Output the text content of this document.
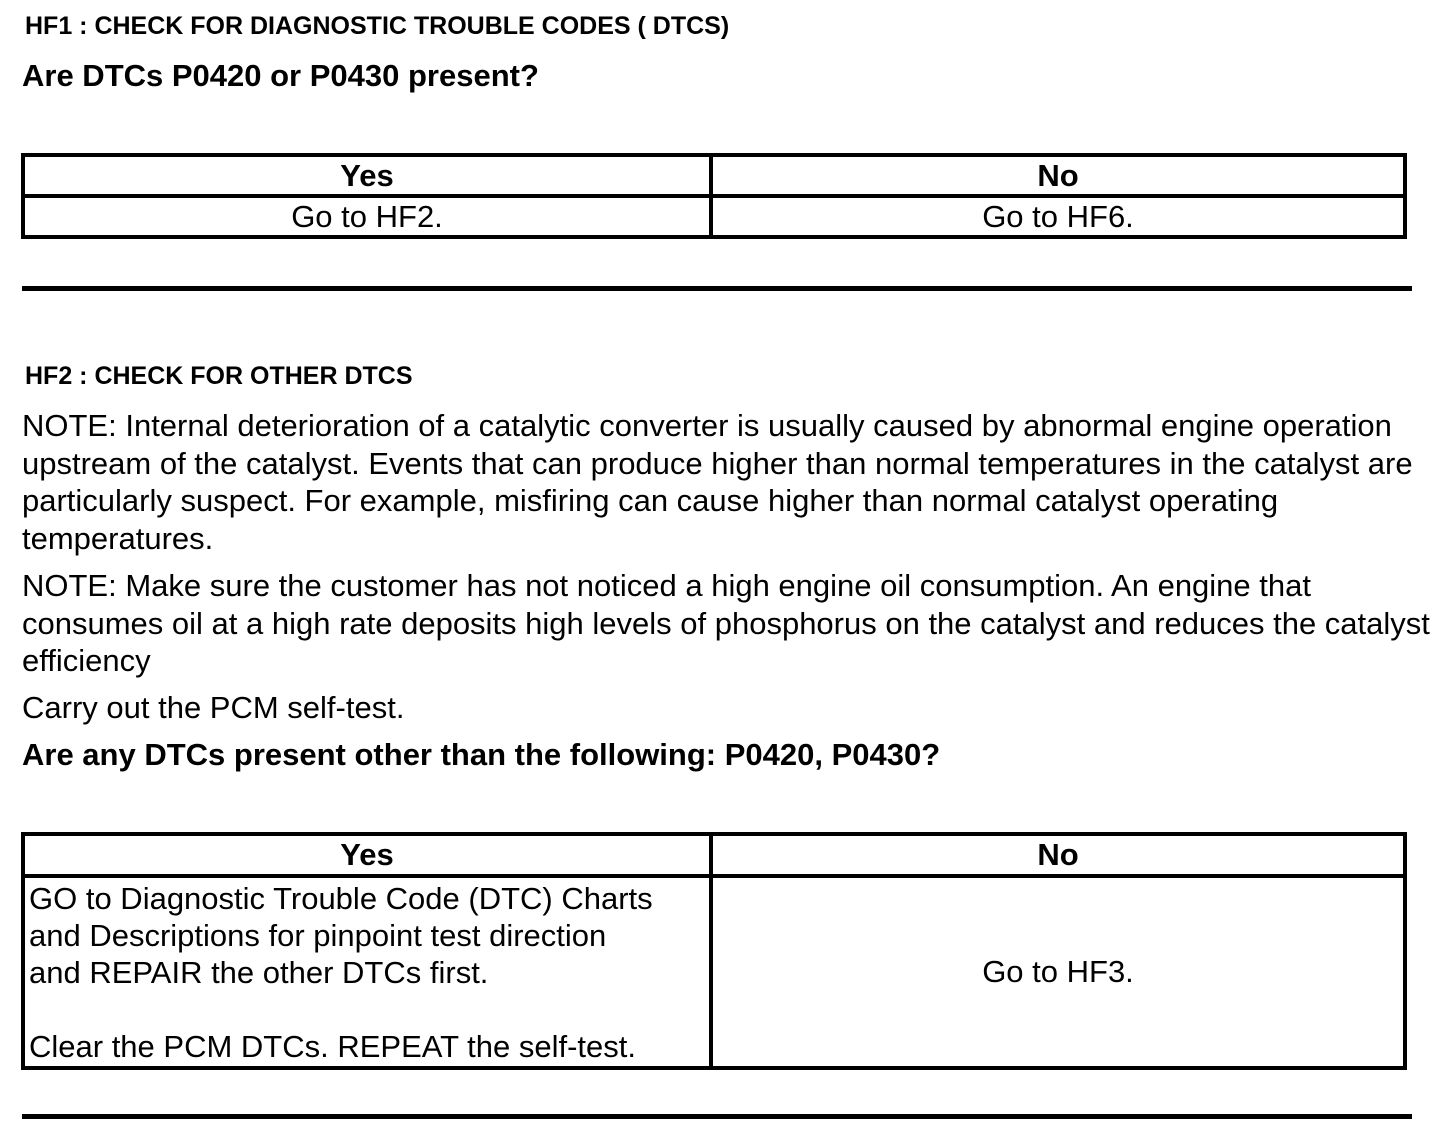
HF1 : CHECK FOR DIAGNOSTIC TROUBLE CODES ( DTCS)
Are DTCs P0420 or P0430 present?
Yes	No
Go to HF2.	Go to HF6.
HF2 : CHECK FOR OTHER DTCS

NOTE: Internal deterioration of a catalytic converter is usually caused by abnormal engine operation upstream of the catalyst. Events that can produce higher than normal temperatures in the catalyst are particularly suspect. For example, misfiring can cause higher than normal catalyst operating temperatures.

NOTE: Make sure the customer has not noticed a high engine oil consumption. An engine that consumes oil at a high rate deposits high levels of phosphorus on the catalyst and reduces the catalyst efficiency

Carry out the PCM self-test.

Are any DTCs present other than the following: P0420, P0430?
Yes	No

GO to Diagnostic Trouble Code (DTC) Charts
and Descriptions for pinpoint test direction
and REPAIR the other DTCs first.
Clear the PCM DTCs. REPEAT the self-test.	Go to HF3.
